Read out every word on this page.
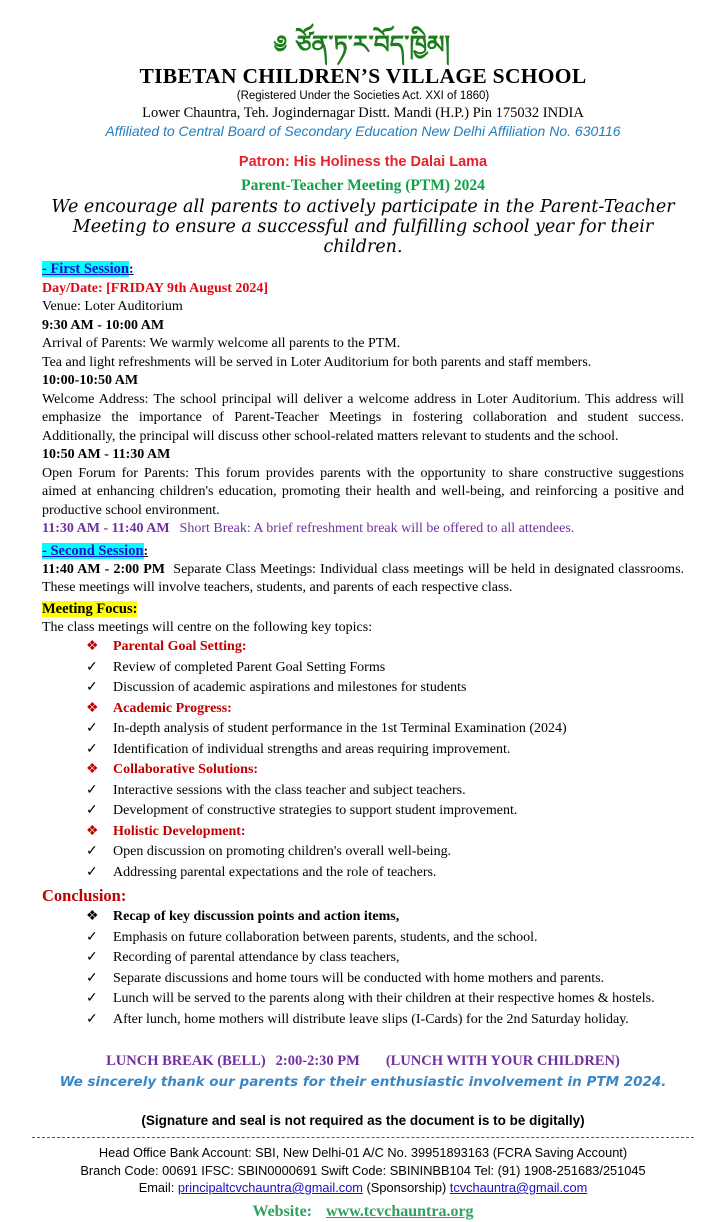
༅ ཙོན་ཏ་ར་བོད་ཁྱིམ།
TIBETAN CHILDREN’S VILLAGE SCHOOL
(Registered Under the Societies Act. XXI of 1860)
Lower Chauntra, Teh. Jogindernagar Distt. Mandi (H.P.) Pin 175032 INDIA
Affiliated to Central Board of Secondary Education New Delhi Affiliation No. 630116
Patron: His Holiness the Dalai Lama
Parent-Teacher Meeting (PTM) 2024
We encourage all parents to actively participate in the Parent-Teacher
Meeting to ensure a successful and fulfilling school year for their children.

- First Session:

Day/Date: [FRIDAY 9th August 2024]

Venue: Loter Auditorium

9:30 AM - 10:00 AM

Arrival of Parents: We warmly welcome all parents to the PTM.

Tea and light refreshments will be served in Loter Auditorium for both parents and staff members.

10:00-10:50 AM

Welcome Address: The school principal will deliver a welcome address in Loter Auditorium. This address will emphasize the importance of Parent-Teacher Meetings in fostering collaboration and student success. Additionally, the principal will discuss other school-related matters relevant to students and the school.

10:50 AM - 11:30 AM

Open Forum for Parents: This forum provides parents with the opportunity to share constructive suggestions aimed at enhancing children's education, promoting their health and well-being, and reinforcing a positive and productive school environment.

11:30 AM - 11:40 AM Short Break: A brief refreshment break will be offered to all attendees.

- Second Session:

11:40 AM - 2:00 PM Separate Class Meetings: Individual class meetings will be held in designated classrooms. These meetings will involve teachers, students, and parents of each respective class.

Meeting Focus:

The class meetings will centre on the following key topics:

❖	Parental Goal Setting:
✓	Review of completed Parent Goal Setting Forms
✓	Discussion of academic aspirations and milestones for students
❖	Academic Progress:
✓	In-depth analysis of student performance in the 1st Terminal Examination (2024)
✓	Identification of individual strengths and areas requiring improvement.
❖	Collaborative Solutions:
✓	Interactive sessions with the class teacher and subject teachers.
✓	Development of constructive strategies to support student improvement.
❖	Holistic Development:
✓	Open discussion on promoting children's overall well-being.
✓	Addressing parental expectations and the role of teachers.

Conclusion:

❖	Recap of key discussion points and action items,
✓	Emphasis on future collaboration between parents, students, and the school.
✓	Recording of parental attendance by class teachers,
✓	Separate discussions and home tours will be conducted with home mothers and parents.
✓	Lunch will be served to the parents along with their children at their respective homes & hostels.
✓	After lunch, home mothers will distribute leave slips (I-Cards) for the 2nd Saturday holiday.
LUNCH BREAK (BELL) 2:00-2:30 PM (LUNCH WITH YOUR CHILDREN)
We sincerely thank our parents for their enthusiastic involvement in PTM 2024.
(Signature and seal is not required as the document is to be digitally)
Head Office Bank Account: SBI, New Delhi-01 A/C No. 39951893163 (FCRA Saving Account)
Branch Code: 00691 IFSC: SBIN0000691 Swift Code: SBININBB104 Tel: (91) 1908-251683/251045
Email: principaltcvchauntra@gmail.com (Sponsorship) tcvchauntra@gmail.com
Website: www.tcvchauntra.org
